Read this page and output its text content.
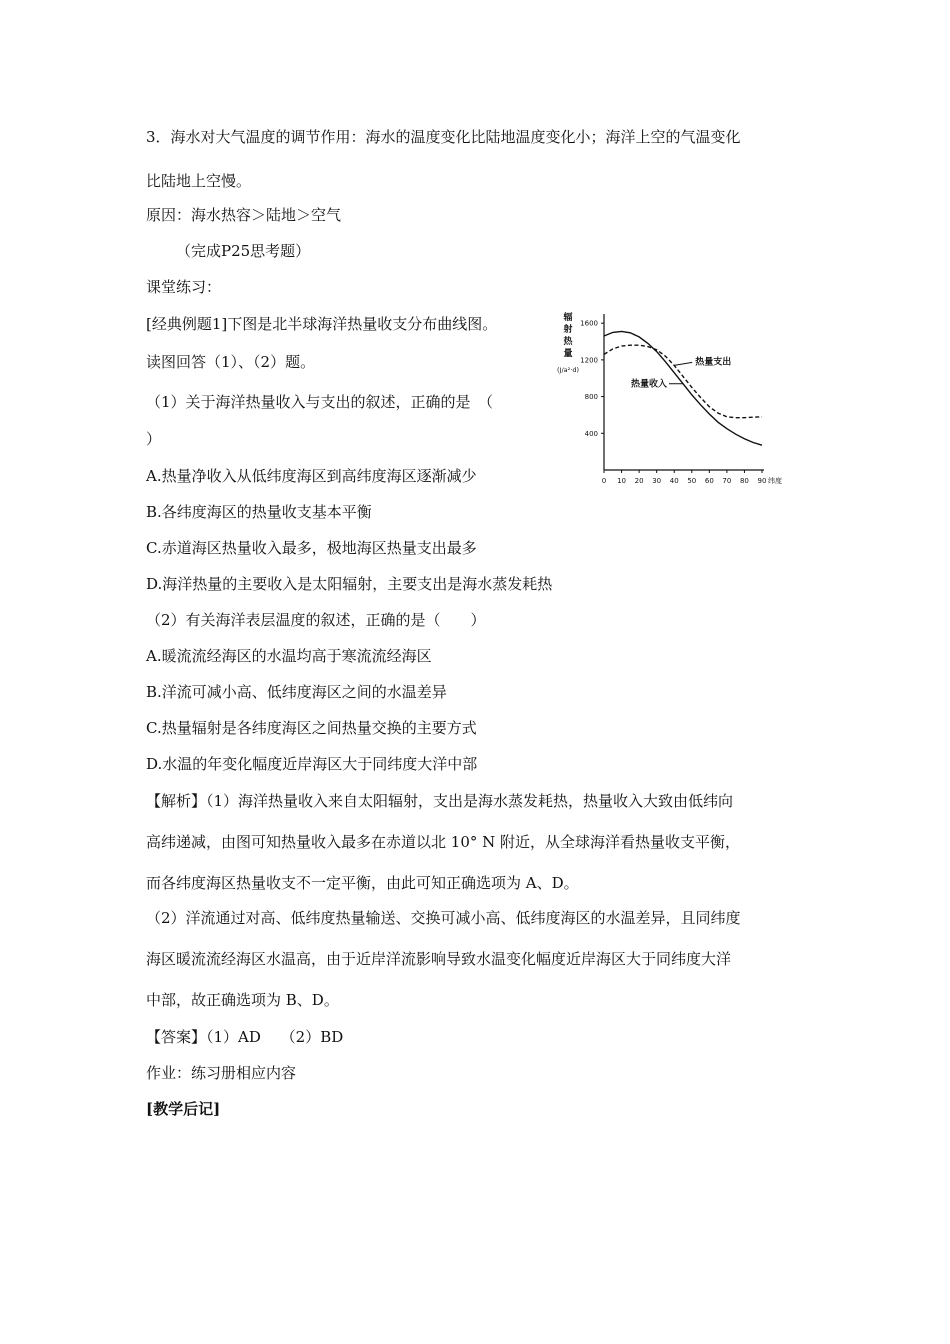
3．海水对大气温度的调节作用：海水的温度变化比陆地温度变化小；海洋上空的气温变化
比陆地上空慢。
原因：海水热容＞陆地＞空气
（完成P25思考题）
课堂练习：
[经典例题1]下图是北半球海洋热量收支分布曲线图。
读图回答（1）、（2）题。
（1）关于海洋热量收入与支出的叙述，正确的是　（
）
A.热量净收入从低纬度海区到高纬度海区逐渐减少
B.各纬度海区的热量收支基本平衡
C.赤道海区热量收入最多，极地海区热量支出最多
D.海洋热量的主要收入是太阳辐射，主要支出是海水蒸发耗热
（2）有关海洋表层温度的叙述，正确的是（　　）
A.暖流流经海区的水温均高于寒流流经海区
B.洋流可减小高、低纬度海区之间的水温差异
C.热量辐射是各纬度海区之间热量交换的主要方式
D.水温的年变化幅度近岸海区大于同纬度大洋中部
【解析】（1）海洋热量收入来自太阳辐射，支出是海水蒸发耗热，热量收入大致由低纬向
高纬递减，由图可知热量收入最多在赤道以北 10° N 附近，从全球海洋看热量收支平衡，
而各纬度海区热量收支不一定平衡，由此可知正确选项为 A、D。
（2）洋流通过对高、低纬度热量输送、交换可减小高、低纬度海区的水温差异，且同纬度
海区暖流流经海区水温高，由于近岸洋流影响导致水温变化幅度近岸海区大于同纬度大洋
中部，故正确选项为 B、D。
【答案】（1）AD　 （2）BD
作业：练习册相应内容
[教学后记]
0 10 20 30 40 50 60 70 80 90 纬度
400
800
1200
1600
辐
射
热
量
(J/a²·d)
热量支出
热量收入
